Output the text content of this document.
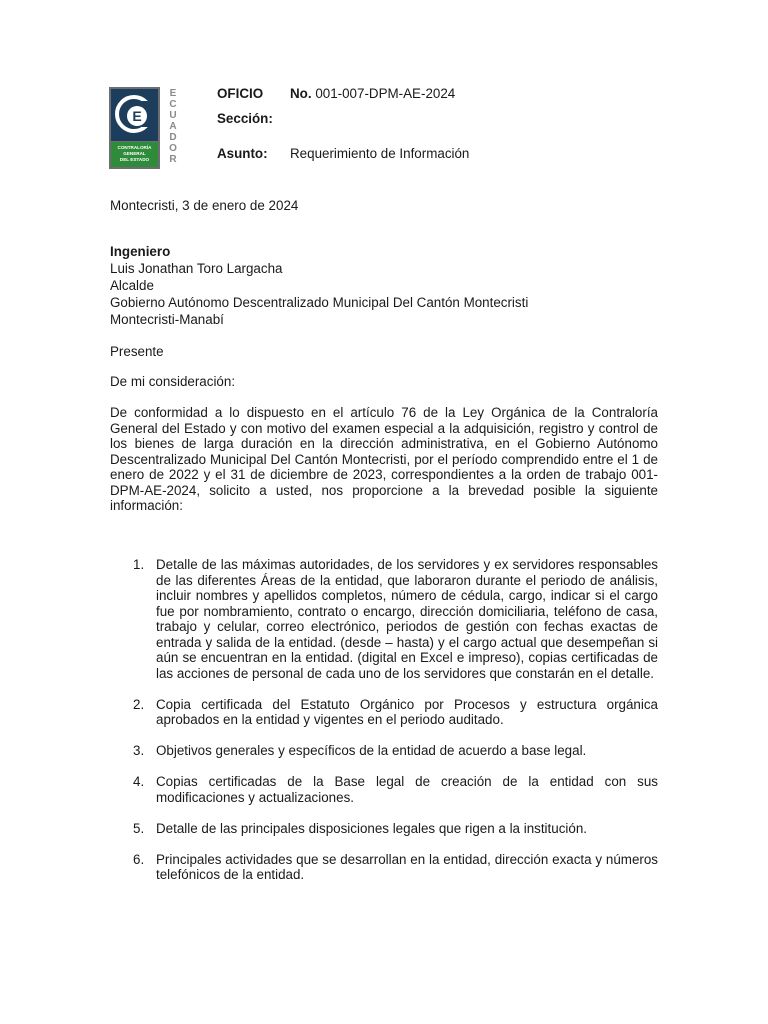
E
CONTRALORÍA
GENERAL
DEL ESTADO
E
C
U
A
D
O
R
OFICIO No. 001-007-DPM-AE-2024
Sección:
Asunto: Requerimiento de Información
Montecristi, 3 de enero de 2024
Ingeniero
Luis Jonathan Toro Largacha
Alcalde
Gobierno Autónomo Descentralizado Municipal Del Cantón Montecristi
Montecristi-Manabí
Presente
De mi consideración:
De conformidad a lo dispuesto en el artículo 76 de la Ley Orgánica de la Contraloría General del Estado y con motivo del examen especial a la adquisición, registro y control de los bienes de larga duración en la dirección administrativa, en el Gobierno Autónomo Descentralizado Municipal Del Cantón Montecristi, por el período comprendido entre el 1 de enero de 2022 y el 31 de diciembre de 2023, correspondientes a la orden de trabajo 001-DPM-AE-2024, solicito a usted, nos proporcione a la brevedad posible la siguiente información:
1. Detalle de las máximas autoridades, de los servidores y ex servidores responsables de las diferentes Áreas de la entidad, que laboraron durante el periodo de análisis, incluir nombres y apellidos completos, número de cédula, cargo, indicar si el cargo fue por nombramiento, contrato o encargo, dirección domiciliaria, teléfono de casa, trabajo y celular, correo electrónico, periodos de gestión con fechas exactas de entrada y salida de la entidad. (desde – hasta) y el cargo actual que desempeñan si aún se encuentran en la entidad. (digital en Excel e impreso), copias certificadas de las acciones de personal de cada uno de los servidores que constarán en el detalle.
2. Copia certificada del Estatuto Orgánico por Procesos y estructura orgánica aprobados en la entidad y vigentes en el periodo auditado.
3. Objetivos generales y específicos de la entidad de acuerdo a base legal.
4. Copias certificadas de la Base legal de creación de la entidad con sus modificaciones y actualizaciones.
5. Detalle de las principales disposiciones legales que rigen a la institución.
6. Principales actividades que se desarrollan en la entidad, dirección exacta y números telefónicos de la entidad.
